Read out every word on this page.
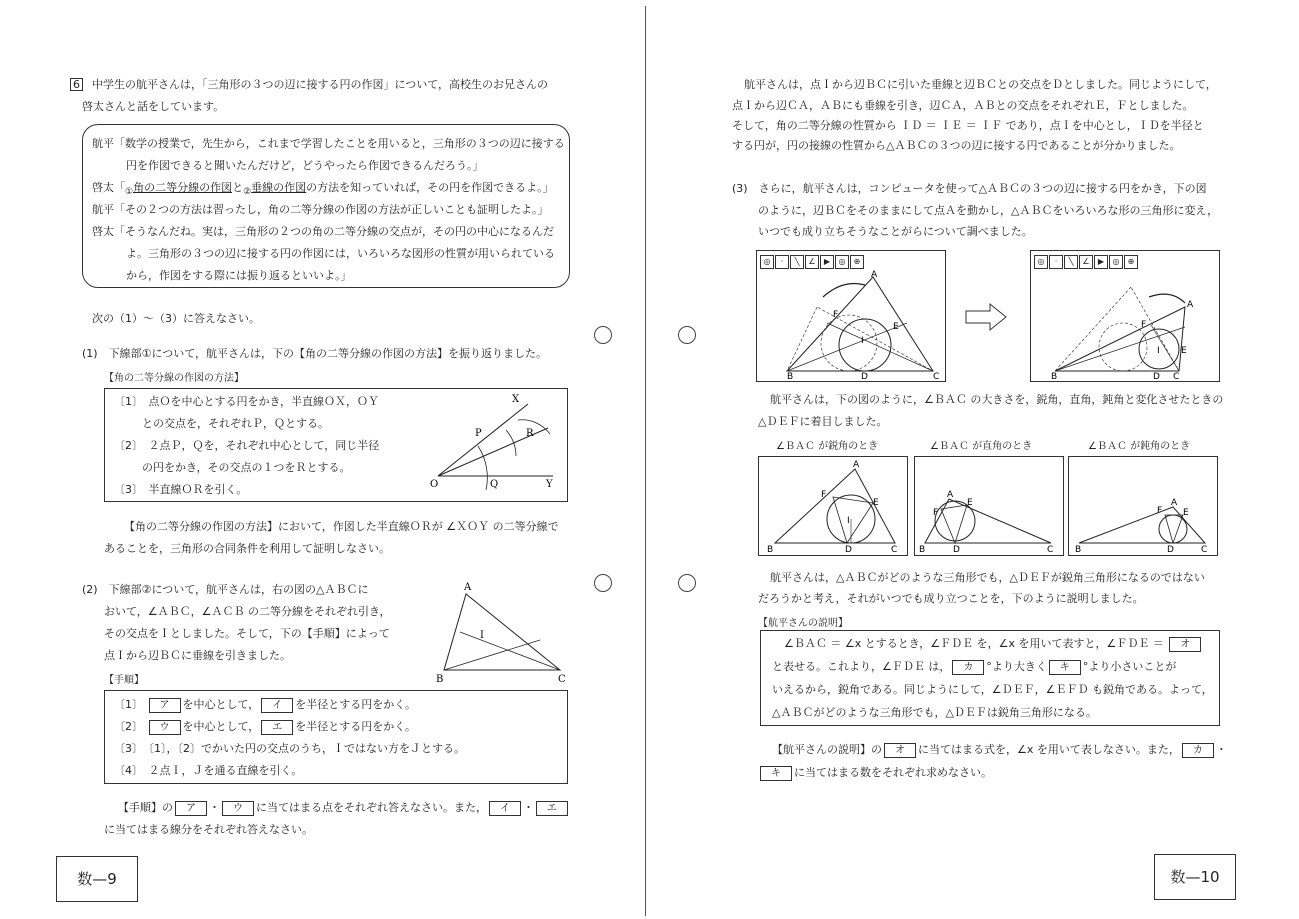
6 中学生の航平さんは，「三角形の３つの辺に接する円の作図」について，高校生のお兄さんの
啓太さんと話をしています。
航平「数学の授業で，先生から，これまで学習したことを用いると，三角形の３つの辺に接する
円を作図できると聞いたんだけど，どうやったら作図できるんだろう。」
啓太「$_①$角の二等分線の作図と$_②$垂線の作図の方法を知っていれば，その円を作図できるよ。」
航平「その２つの方法は習ったし，角の二等分線の作図の方法が正しいことも証明したよ。」
啓太「そうなんだね。実は，三角形の２つの角の二等分線の交点が，その円の中心になるんだ
よ。三角形の３つの辺に接する円の作図には，いろいろな図形の性質が用いられている
から，作図をする際には振り返るといいよ。」
次の（1）～（3）に答えなさい。
(1)　下線部①について，航平さんは，下の【角の二等分線の作図の方法】を振り返りました。
【角の二等分線の作図の方法】
〔1〕　点Ｏを中心とする円をかき，半直線ＯＸ，ＯＹ
との交点を，それぞれＰ，Ｑとする。
〔2〕　２点Ｐ，Ｑを，それぞれ中心として，同じ半径
の円をかき，その交点の１つをＲとする。
〔3〕　半直線ＯＲを引く。
X
R
P
O	Q	Y
【角の二等分線の作図の方法】において，作図した半直線ＯＲが ∠ＸＯＹ の二等分線で
あることを，三角形の合同条件を利用して証明しなさい。
(2)　下線部②について，航平さんは，右の図の△ＡＢＣに
おいて，∠ＡＢＣ，∠ＡＣＢ の二等分線をそれぞれ引き，
その交点をＩとしました。そして，下の【手順】によって
点Ｉから辺ＢＣに垂線を引きました。
A
I
B	C
【手順】
〔1〕 ア を中心として， イ を半径とする円をかく。
〔2〕 ウ を中心として， エ を半径とする円をかく。
〔3〕　〔1〕，〔2〕でかいた円の交点のうち，Ｉではない方をＪとする。
〔4〕　２点Ｉ，Ｊを通る直線を引く。
【手順】の ア ・ ウ に当てはまる点をそれぞれ答えなさい。また， イ ・ エ
に当てはまる線分をそれぞれ答えなさい。
数—9
航平さんは，点Ｉから辺ＢＣに引いた垂線と辺ＢＣとの交点をＤとしました。同じようにして，
点Ｉから辺ＣＡ，ＡＢにも垂線を引き，辺ＣＡ，ＡＢとの交点をそれぞれＥ，Ｆとしました。
そして，角の二等分線の性質から ＩＤ ＝ ＩＥ ＝ ＩＦ であり，点Ｉを中心とし，ＩＤを半径と
する円が，円の接線の性質から△ＡＢＣの３つの辺に接する円であることが分かりました。
(3)　さらに，航平さんは，コンピュータを使って△ＡＢＣの３つの辺に接する円をかき，下の図
のように，辺ＢＣをそのままにして点Ａを動かし，△ＡＢＣをいろいろな形の三角形に変え，
いつでも成り立ちそうなことがらについて調べました。
◎ · ╲ ∠ ▶ ◎ ⊕
A
F
E
I
B	D	C
◎ · ╲ ∠ ▶ ◎ ⊕
A
F
E
I
B	D C
航平さんは，下の図のように，∠ＢＡＣ の大きさを，鋭角，直角，鈍角と変化させたときの
△ＤＥＦに着目しました。
∠ＢＡＣ が鋭角のとき	∠ＢＡＣ が直角のとき	∠ＢＡＣ が鈍角のとき
A
F
E
I
B	D	C
A
F
E
B	D	C
A
F E
B	D	C
航平さんは，△ＡＢＣがどのような三角形でも，△ＤＥＦが鋭角三角形になるのではない
だろうかと考え，それがいつでも成り立つことを，下のように説明しました。
【航平さんの説明】
∠ＢＡＣ ＝ ∠x とするとき，∠ＦＤＥ を，∠x を用いて表すと，∠ＦＤＥ ＝ オ
と表せる。これより，∠ＦＤＥ は， カ °より大きく キ °より小さいことが
いえるから，鋭角である。同じようにして，∠ＤＥＦ，∠ＥＦＤ も鋭角である。よって，
△ＡＢＣがどのような三角形でも，△ＤＥＦは鋭角三角形になる。
【航平さんの説明】の オ に当てはまる式を，∠x を用いて表しなさい。また， カ ・
キ に当てはまる数をそれぞれ求めなさい。
数—10
